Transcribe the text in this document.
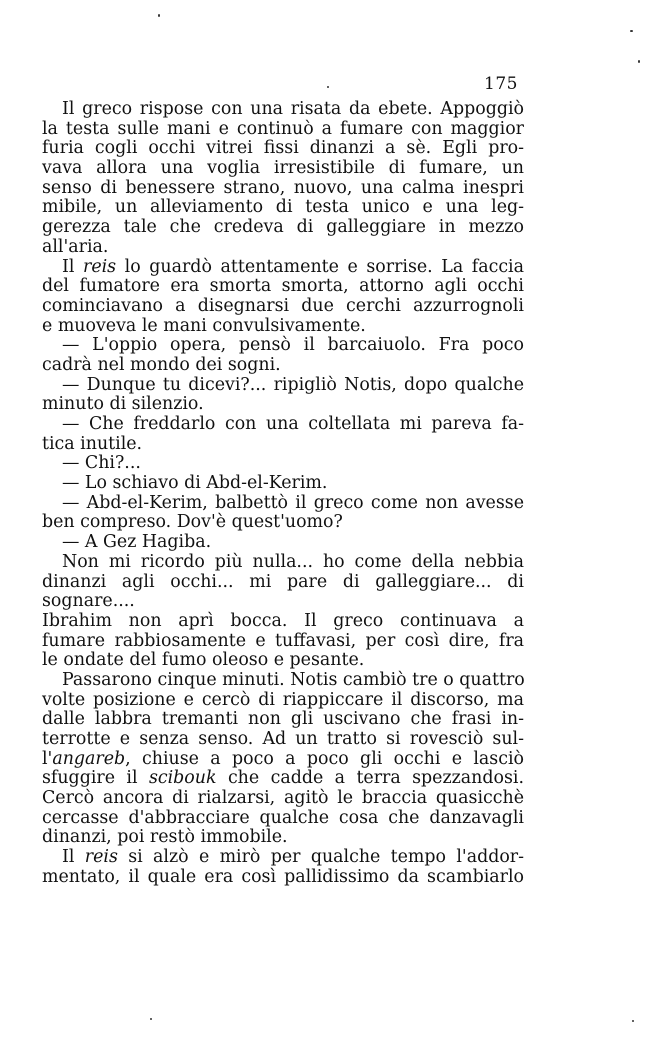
175
Il greco rispose con una risata da ebete. Appoggiò
la testa sulle mani e continuò a fumare con maggior
furia cogli occhi vitrei fissi dinanzi a sè. Egli pro-
vava allora una voglia irresistibile di fumare, un
senso di benessere strano, nuovo, una calma inespri
mibile, un alleviamento di testa unico e una leg-
gerezza tale che credeva di galleggiare in mezzo
all'aria.
Il reis lo guardò attentamente e sorrise. La faccia
del fumatore era smorta smorta, attorno agli occhi
cominciavano a disegnarsi due cerchi azzurrognoli
e muoveva le mani convulsivamente.
— L'oppio opera, pensò il barcaiuolo. Fra poco
cadrà nel mondo dei sogni.
— Dunque tu dicevi?... ripigliò Notis, dopo qualche
minuto di silenzio.
— Che freddarlo con una coltellata mi pareva fa-
tica inutile.
— Chi?...
— Lo schiavo di Abd-el-Kerim.
— Abd-el-Kerim, balbettò il greco come non avesse
ben compreso. Dov'è quest'uomo?
— A Gez Hagiba.
Non mi ricordo più nulla... ho come della nebbia
dinanzi agli occhi... mi pare di galleggiare... di
sognare....
Ibrahim non aprì bocca. Il greco continuava a
fumare rabbiosamente e tuffavasi, per così dire, fra
le ondate del fumo oleoso e pesante.
Passarono cinque minuti. Notis cambiò tre o quattro
volte posizione e cercò di riappiccare il discorso, ma
dalle labbra tremanti non gli uscivano che frasi in-
terrotte e senza senso. Ad un tratto si rovesciò sul-
l'angareb, chiuse a poco a poco gli occhi e lasciò
sfuggire il scibouk che cadde a terra spezzandosi.
Cercò ancora di rialzarsi, agitò le braccia quasicchè
cercasse d'abbracciare qualche cosa che danzavagli
dinanzi, poi restò immobile.
Il reis si alzò e mirò per qualche tempo l'addor-
mentato, il quale era così pallidissimo da scambiarlo
